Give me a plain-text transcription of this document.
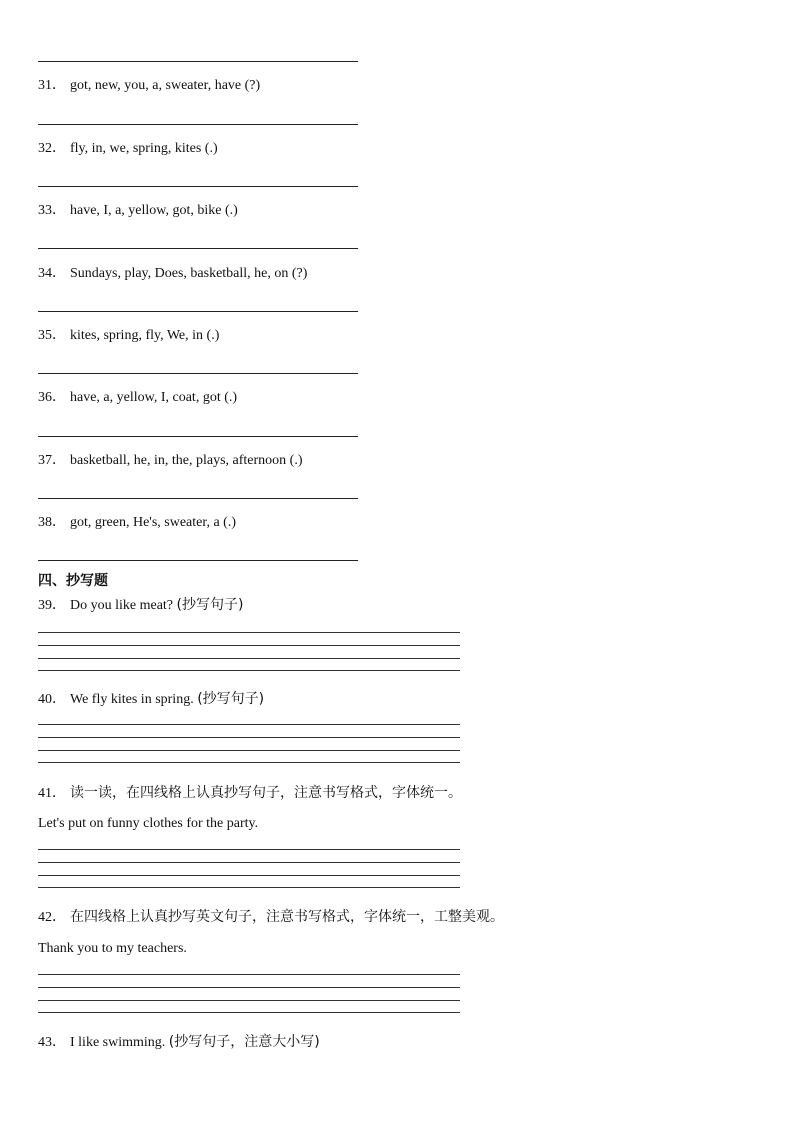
31． got, new, you, a, sweater, have (?)
32． fly, in, we, spring, kites (.)
33． have, I, a, yellow, got, bike (.)
34． Sundays, play, Does, basketball, he, on (?)
35． kites, spring, fly, We, in (.)
36． have, a, yellow, I, coat, got (.)
37． basketball, he, in, the, plays, afternoon (.)
38． got, green, He's, sweater, a (.)
四、抄写题
39． Do you like meat? (抄写句子)
40． We fly kites in spring. (抄写句子)
41． 读一读，在四线格上认真抄写句子，注意书写格式，字体统一。
Let's put on funny clothes for the party.
42． 在四线格上认真抄写英文句子，注意书写格式，字体统一，工整美观。
Thank you to my teachers.
43． I like swimming. (抄写句子，注意大小写)
